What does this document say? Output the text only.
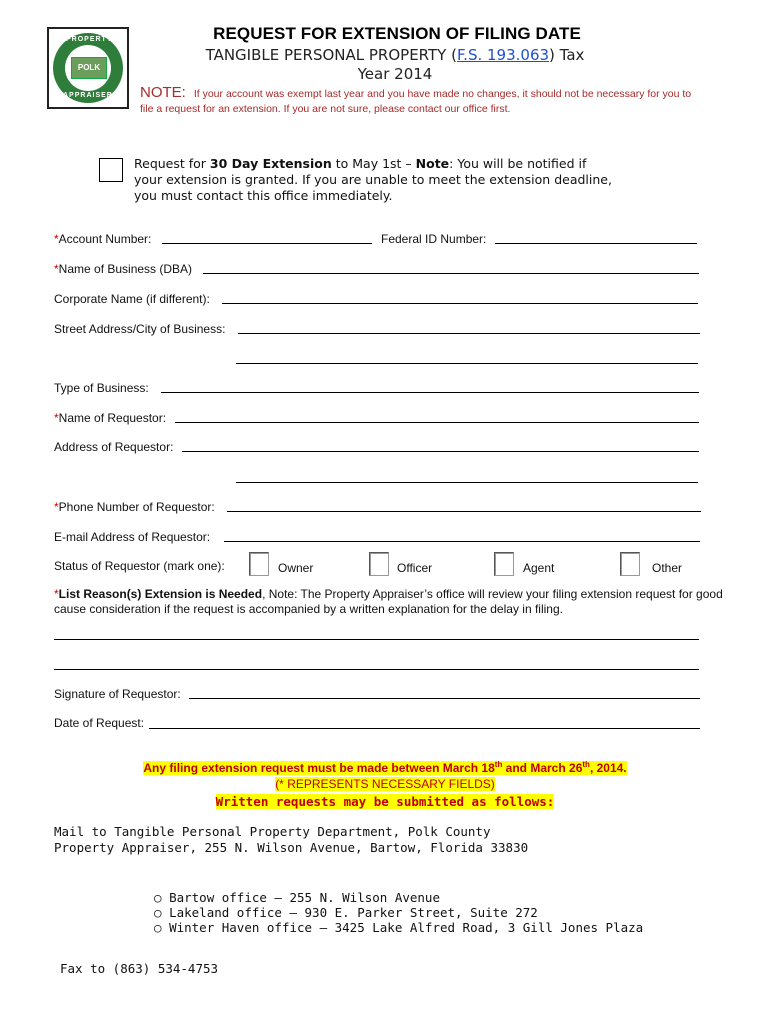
PROPERTY
POLK
APPRAISER
REQUEST FOR EXTENSION OF FILING DATE
TANGIBLE PERSONAL PROPERTY (F.S. 193.063) Tax
Year 2014
NOTE: If your account was exempt last year and you have made no changes, it should not be necessary for you to file a request for an extension. If you are not sure, please contact our office first.
Request for 30 Day Extension to May 1st – Note: You will be notified if your extension is granted. If you are unable to meet the extension deadline, you must contact this office immediately.
*Account Number:	Federal ID Number:
*Name of Business (DBA)
Corporate Name (if different):
Street Address/City of Business:
Type of Business:
*Name of Requestor:
Address of Requestor:
*Phone Number of Requestor:
E-mail Address of Requestor:
Status of Requestor (mark one):	Owner	Officer	Agent	Other
*List Reason(s) Extension is Needed, Note: The Property Appraiser’s office will review your filing extension request for good cause consideration if the request is accompanied by a written explanation for the delay in filing.
Signature of Requestor:
Date of Request:
Any filing extension request must be made between March 18th and March 26th, 2014.
(* REPRESENTS NECESSARY FIELDS)
Written requests may be submitted as follows:
Mail to Tangible Personal Property Department, Polk County
Property Appraiser, 255 N. Wilson Avenue, Bartow, Florida 33830
○ Bartow office – 255 N. Wilson Avenue
○ Lakeland office – 930 E. Parker Street, Suite 272
○ Winter Haven office – 3425 Lake Alfred Road, 3 Gill Jones Plaza
Fax to (863) 534-4753
